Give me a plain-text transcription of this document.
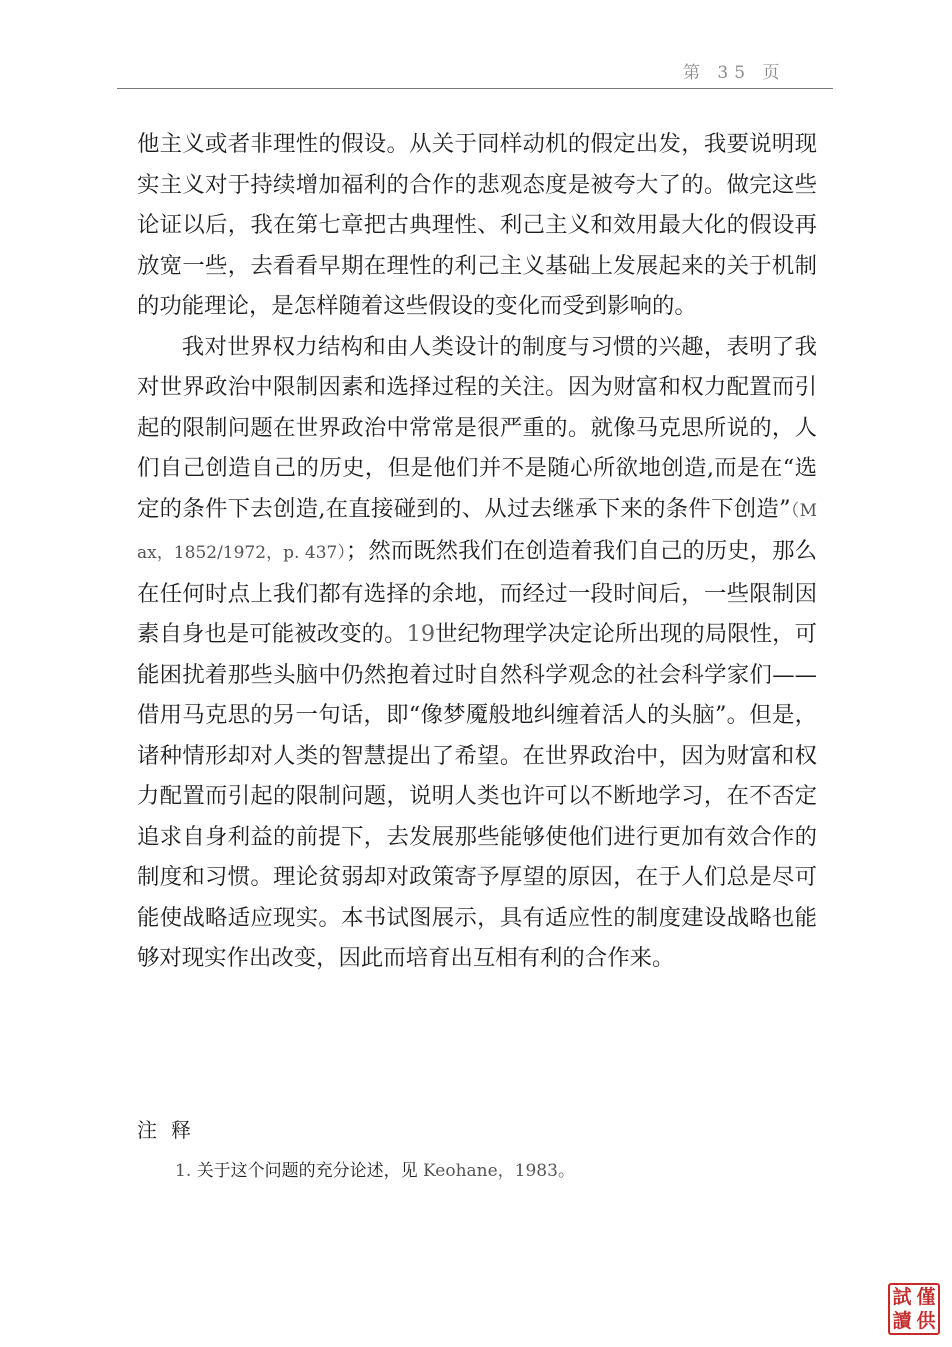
第 35 页

他主义或者非理性的假设。从关于同样动机的假定出发，我要说明现实主义对于持续增加福利的合作的悲观态度是被夸大了的。做完这些论证以后，我在第七章把古典理性、利己主义和效用最大化的假设再放宽一些，去看看早期在理性的利己主义基础上发展起来的关于机制的功能理论，是怎样随着这些假设的变化而受到影响的。

我对世界权力结构和由人类设计的制度与习惯的兴趣，表明了我对世界政治中限制因素和选择过程的关注。因为财富和权力配置而引起的限制问题在世界政治中常常是很严重的。就像马克思所说的，人们自己创造自己的历史，但是他们并不是随心所欲地创造,而是在“选定的条件下去创造,在直接碰到的、从过去继承下来的条件下创造”（Max，1852/1972，p. 437）；然而既然我们在创造着我们自己的历史，那么在任何时点上我们都有选择的余地，而经过一段时间后，一些限制因素自身也是可能被改变的。19世纪物理学决定论所出现的局限性，可能困扰着那些头脑中仍然抱着过时自然科学观念的社会科学家们——借用马克思的另一句话，即“像梦魇般地纠缠着活人的头脑”。但是，诸种情形却对人类的智慧提出了希望。在世界政治中，因为财富和权力配置而引起的限制问题，说明人类也许可以不断地学习，在不否定追求自身利益的前提下，去发展那些能够使他们进行更加有效合作的制度和习惯。理论贫弱却对政策寄予厚望的原因，在于人们总是尽可能使战略适应现实。本书试图展示，具有适应性的制度建设战略也能够对现实作出改变，因此而培育出互相有利的合作来。

注释

1. 关于这个问题的充分论述，见 Keohane，1983。
試 僅
讀 供
